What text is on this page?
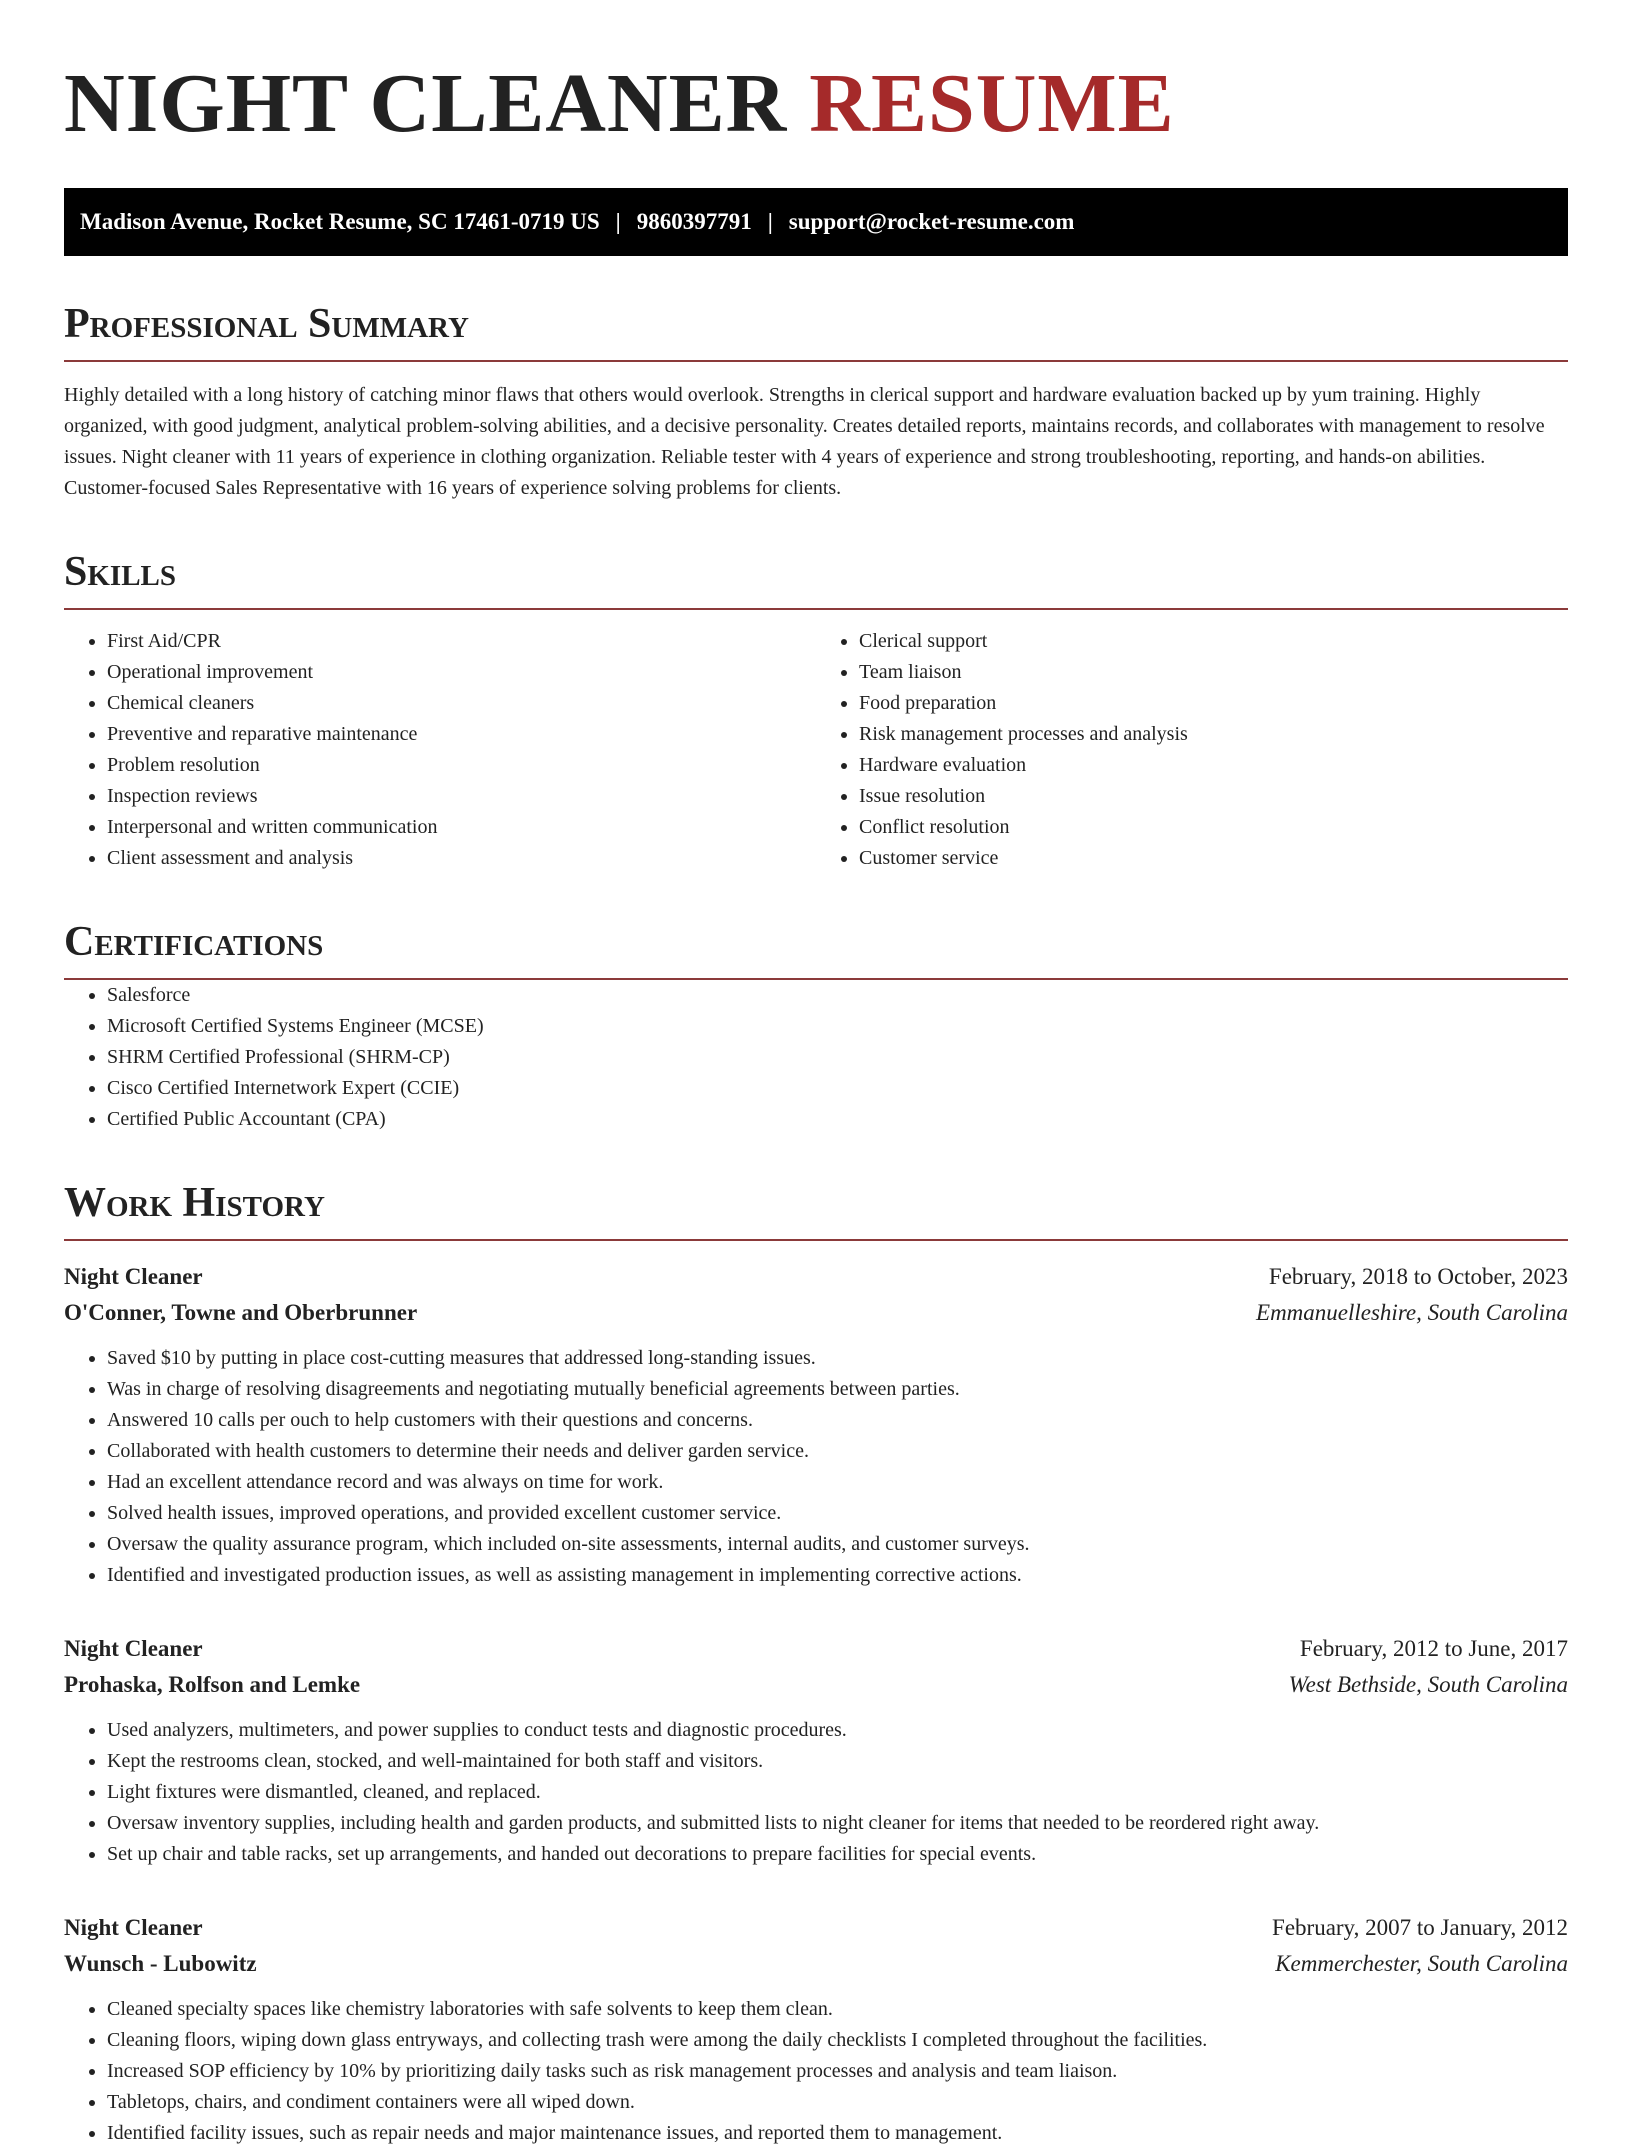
NIGHT CLEANER RESUME
Madison Avenue, Rocket Resume, SC 17461-0719 US | 9860397791 | support@rocket-resume.com
Professional Summary

Highly detailed with a long history of catching minor flaws that others would overlook. Strengths in clerical support and hardware evaluation backed up by yum training. Highly organized, with good judgment, analytical problem-solving abilities, and a decisive personality. Creates detailed reports, maintains records, and collaborates with management to resolve issues. Night cleaner with 11 years of experience in clothing organization. Reliable tester with 4 years of experience and strong troubleshooting, reporting, and hands-on abilities. Customer-focused Sales Representative with 16 years of experience solving problems for clients.

Skills
• First Aid/CPR
• Operational improvement
• Chemical cleaners
• Preventive and reparative maintenance
• Problem resolution
• Inspection reviews
• Interpersonal and written communication
• Client assessment and analysis
• Clerical support
• Team liaison
• Food preparation
• Risk management processes and analysis
• Hardware evaluation
• Issue resolution
• Conflict resolution
• Customer service
Certifications
• Salesforce
• Microsoft Certified Systems Engineer (MCSE)
• SHRM Certified Professional (SHRM-CP)
• Cisco Certified Internetwork Expert (CCIE)
• Certified Public Accountant (CPA)
Work History
Night Cleaner	February, 2018 to October, 2023
O'Conner, Towne and Oberbrunner	Emmanuelleshire, South Carolina
• Saved $10 by putting in place cost-cutting measures that addressed long-standing issues.
• Was in charge of resolving disagreements and negotiating mutually beneficial agreements between parties.
• Answered 10 calls per ouch to help customers with their questions and concerns.
• Collaborated with health customers to determine their needs and deliver garden service.
• Had an excellent attendance record and was always on time for work.
• Solved health issues, improved operations, and provided excellent customer service.
• Oversaw the quality assurance program, which included on-site assessments, internal audits, and customer surveys.
• Identified and investigated production issues, as well as assisting management in implementing corrective actions.
Night Cleaner	February, 2012 to June, 2017
Prohaska, Rolfson and Lemke	West Bethside, South Carolina
• Used analyzers, multimeters, and power supplies to conduct tests and diagnostic procedures.
• Kept the restrooms clean, stocked, and well-maintained for both staff and visitors.
• Light fixtures were dismantled, cleaned, and replaced.
• Oversaw inventory supplies, including health and garden products, and submitted lists to night cleaner for items that needed to be reordered right away.
• Set up chair and table racks, set up arrangements, and handed out decorations to prepare facilities for special events.
Night Cleaner	February, 2007 to January, 2012
Wunsch - Lubowitz	Kemmerchester, South Carolina
• Cleaned specialty spaces like chemistry laboratories with safe solvents to keep them clean.
• Cleaning floors, wiping down glass entryways, and collecting trash were among the daily checklists I completed throughout the facilities.
• Increased SOP efficiency by 10% by prioritizing daily tasks such as risk management processes and analysis and team liaison.
• Tabletops, chairs, and condiment containers were all wiped down.
• Identified facility issues, such as repair needs and major maintenance issues, and reported them to management.
